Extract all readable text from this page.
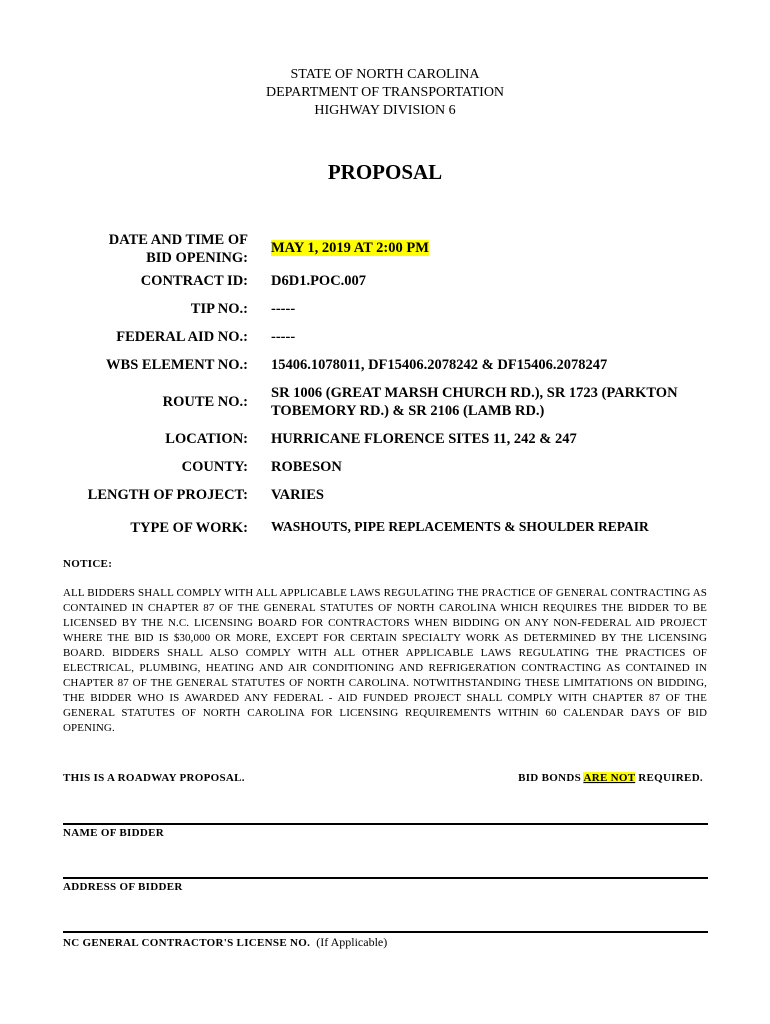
STATE OF NORTH CAROLINA
DEPARTMENT OF TRANSPORTATION
HIGHWAY DIVISION 6
PROPOSAL
DATE AND TIME OF
BID OPENING:
MAY 1, 2019 AT 2:00 PM
CONTRACT ID: D6D1.POC.007
TIP NO.: -----
FEDERAL AID NO.: -----
WBS ELEMENT NO.: 15406.1078011, DF15406.2078242 & DF15406.2078247
ROUTE NO.:
SR 1006 (GREAT MARSH CHURCH RD.), SR 1723 (PARKTON
TOBEMORY RD.) & SR 2106 (LAMB RD.)
LOCATION: HURRICANE FLORENCE SITES 11, 242 & 247
COUNTY: ROBESON
LENGTH OF PROJECT: VARIES
TYPE OF WORK: WASHOUTS, PIPE REPLACEMENTS & SHOULDER REPAIR
NOTICE:
ALL BIDDERS SHALL COMPLY WITH ALL APPLICABLE LAWS REGULATING THE PRACTICE OF GENERAL CONTRACTING AS CONTAINED IN CHAPTER 87 OF THE GENERAL STATUTES OF NORTH CAROLINA WHICH REQUIRES THE BIDDER TO BE LICENSED BY THE N.C. LICENSING BOARD FOR CONTRACTORS WHEN BIDDING ON ANY NON-FEDERAL AID PROJECT WHERE THE BID IS $30,000 OR MORE, EXCEPT FOR CERTAIN SPECIALTY WORK AS DETERMINED BY THE LICENSING BOARD. BIDDERS SHALL ALSO COMPLY WITH ALL OTHER APPLICABLE LAWS REGULATING THE PRACTICES OF ELECTRICAL, PLUMBING, HEATING AND AIR CONDITIONING AND REFRIGERATION CONTRACTING AS CONTAINED IN CHAPTER 87 OF THE GENERAL STATUTES OF NORTH CAROLINA. NOTWITHSTANDING THESE LIMITATIONS ON BIDDING, THE BIDDER WHO IS AWARDED ANY FEDERAL - AID FUNDED PROJECT SHALL COMPLY WITH CHAPTER 87 OF THE GENERAL STATUTES OF NORTH CAROLINA FOR LICENSING REQUIREMENTS WITHIN 60 CALENDAR DAYS OF BID OPENING.
THIS IS A ROADWAY PROPOSAL.	BID BONDS ARE NOT REQUIRED.
NAME OF BIDDER
ADDRESS OF BIDDER
NC GENERAL CONTRACTOR'S LICENSE NO. (If Applicable)
